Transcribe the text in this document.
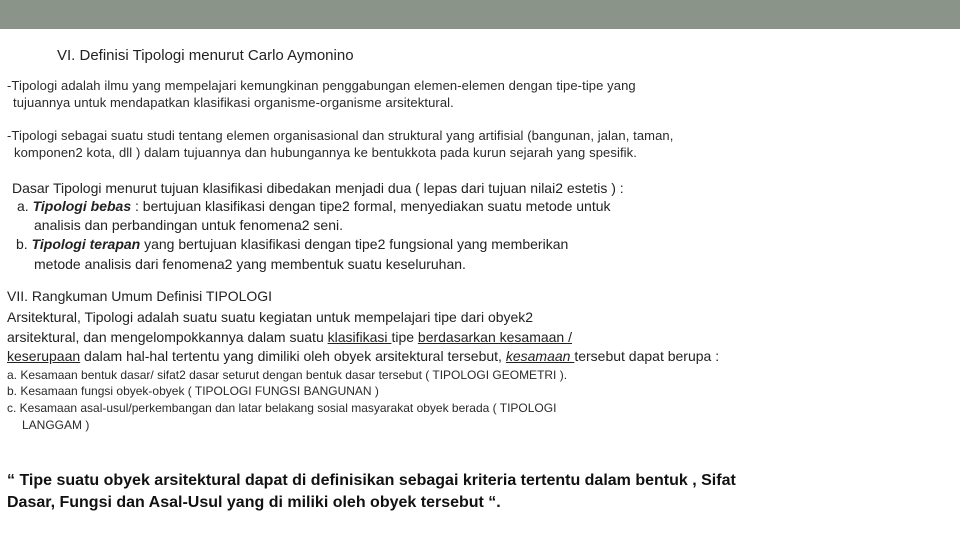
VI. Definisi Tipologi menurut Carlo Aymonino
-Tipologi adalah ilmu yang mempelajari kemungkinan penggabungan elemen-elemen dengan tipe-tipe yang
tujuannya untuk mendapatkan klasifikasi organisme-organisme arsitektural.
-Tipologi sebagai suatu studi tentang elemen organisasional dan struktural yang artifisial (bangunan, jalan, taman,
komponen2 kota, dll ) dalam tujuannya dan hubungannya ke bentukkota pada kurun sejarah yang spesifik.
Dasar Tipologi menurut tujuan klasifikasi dibedakan menjadi dua ( lepas dari tujuan nilai2 estetis ) :
a. Tipologi bebas : bertujuan klasifikasi dengan tipe2 formal, menyediakan suatu metode untuk
analisis dan perbandingan untuk fenomena2 seni.
b. Tipologi terapan yang bertujuan klasifikasi dengan tipe2 fungsional yang memberikan
metode analisis dari fenomena2 yang membentuk suatu keseluruhan.
VII. Rangkuman Umum Definisi TIPOLOGI
Arsitektural, Tipologi adalah suatu suatu kegiatan untuk mempelajari tipe dari obyek2
arsitektural, dan mengelompokkannya dalam suatu klasifikasi tipe berdasarkan kesamaan /
keserupaan dalam hal-hal tertentu yang dimiliki oleh obyek arsitektural tersebut, kesamaan tersebut dapat berupa :
a. Kesamaan bentuk dasar/ sifat2 dasar seturut dengan bentuk dasar tersebut ( TIPOLOGI GEOMETRI ).
b. Kesamaan fungsi obyek-obyek ( TIPOLOGI FUNGSI BANGUNAN )
c. Kesamaan asal-usul/perkembangan dan latar belakang sosial masyarakat obyek berada ( TIPOLOGI
LANGGAM )
“ Tipe suatu obyek arsitektural dapat di definisikan sebagai kriteria tertentu dalam bentuk , Sifat
Dasar, Fungsi dan Asal-Usul yang di miliki oleh obyek tersebut “.
